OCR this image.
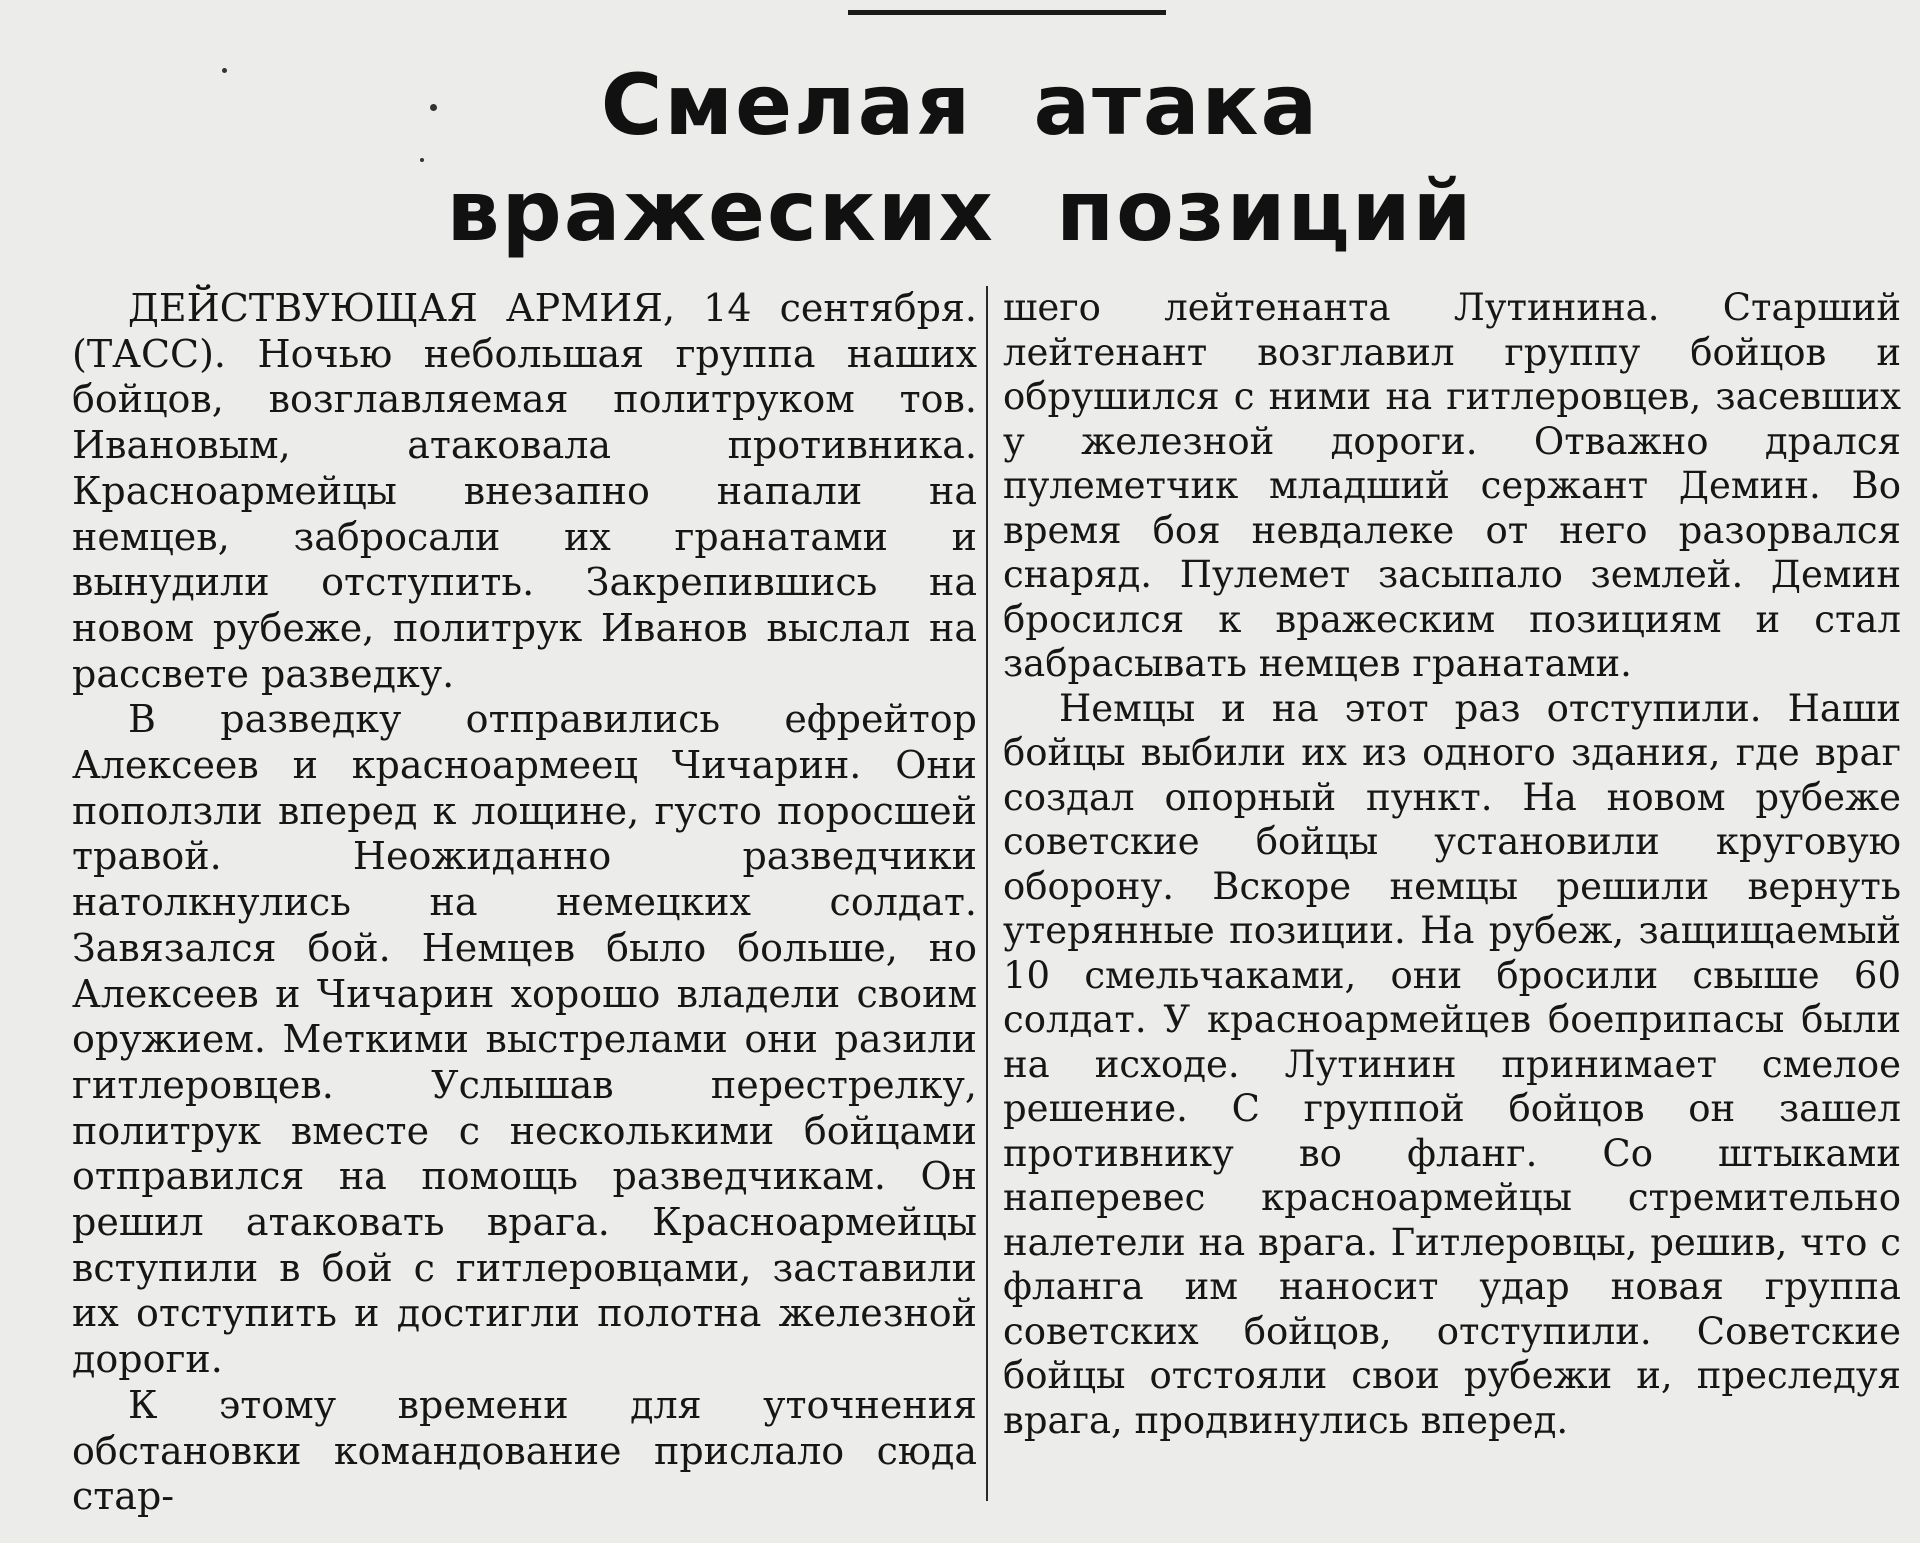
Смелая атака вражеских позиций

ДЕЙСТВУЮЩАЯ АРМИЯ, 14 сентября. (ТАСС). Ночью небольшая группа наших бойцов, возглавляемая политруком тов. Ивановым, атаковала противника. Красноармейцы внезапно напали на немцев, забросали их гранатами и вынудили отступить. Закрепившись на новом рубеже, политрук Иванов выслал на рассвете разведку.

В разведку отправились ефрейтор Алексеев и красноармеец Чичарин. Они поползли вперед к лощине, густо поросшей травой. Неожиданно разведчики натолкнулись на немецких солдат. Завязался бой. Немцев было больше, но Алексеев и Чичарин хорошо владели своим оружием. Меткими выстрелами они разили гитлеровцев. Услышав перестрелку, политрук вместе с несколькими бойцами отправился на помощь разведчикам. Он решил атаковать врага. Красноармейцы вступили в бой с гитлеровцами, заставили их отступить и достигли полотна железной дороги.

К этому времени для уточнения обстановки командование прислало сюда стар-

шего лейтенанта Лутинина. Старший лейтенант возглавил группу бойцов и обрушился с ними на гитлеровцев, засевших у железной дороги. Отважно дрался пулеметчик младший сержант Демин. Во время боя невдалеке от него разорвался снаряд. Пулемет засыпало землей. Демин бросился к вражеским позициям и стал забрасывать немцев гранатами.

Немцы и на этот раз отступили. Наши бойцы выбили их из одного здания, где враг создал опорный пункт. На новом рубеже советские бойцы установили круговую оборону. Вскоре немцы решили вернуть утерянные позиции. На рубеж, защищаемый 10 смельчаками, они бросили свыше 60 солдат. У красноармейцев боеприпасы были на исходе. Лутинин принимает смелое решение. С группой бойцов он зашел противнику во фланг. Со штыками наперевес красноармейцы стремительно налетели на врага. Гитлеровцы, решив, что с фланга им наносит удар новая группа советских бойцов, отступили. Советские бойцы отстояли свои рубежи и, преследуя врага, продвинулись вперед.
